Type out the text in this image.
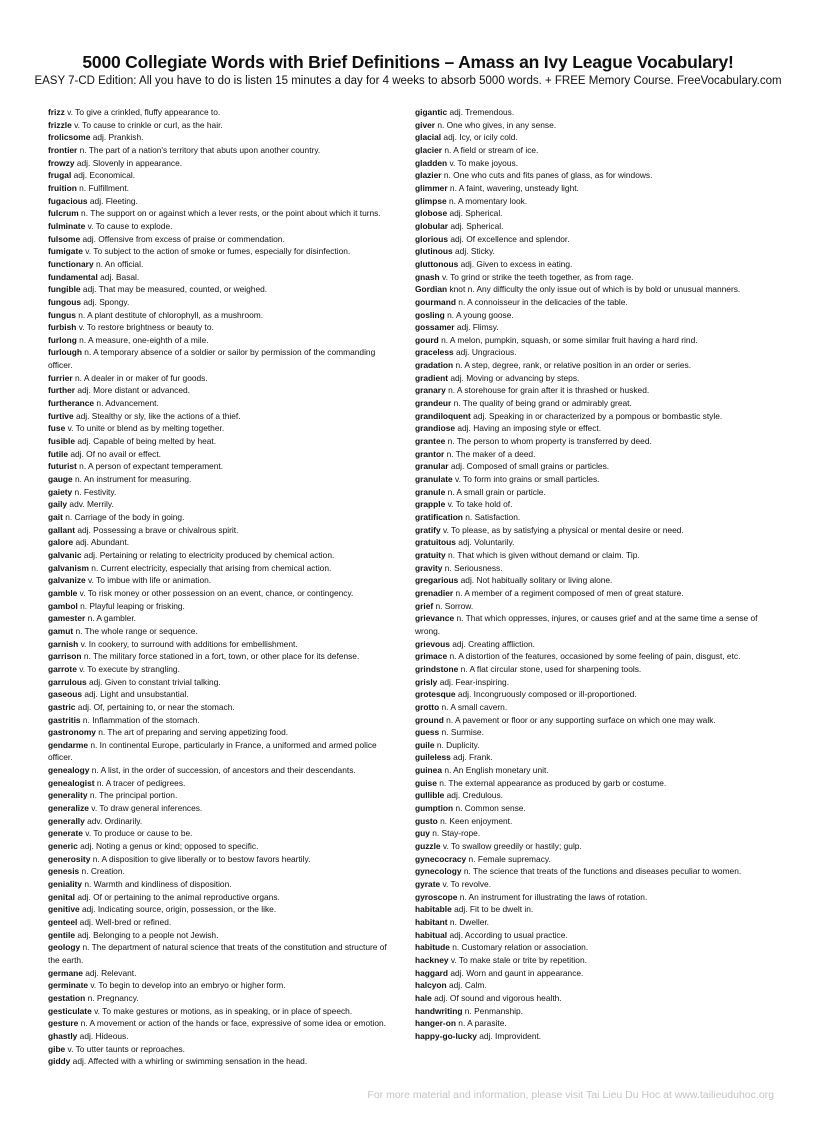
5000 Collegiate Words with Brief Definitions – Amass an Ivy League Vocabulary!
EASY 7-CD Edition: All you have to do is listen 15 minutes a day for 4 weeks to absorb 5000 words. + FREE Memory Course. FreeVocabulary.com
frizz v. To give a crinkled, fluffy appearance to.
frizzle v. To cause to crinkle or curl, as the hair.
frolicsome adj. Prankish.
frontier n. The part of a nation's territory that abuts upon another country.
frowzy adj. Slovenly in appearance.
frugal adj. Economical.
fruition n. Fulfillment.
fugacious adj. Fleeting.
fulcrum n. The support on or against which a lever rests, or the point about which it turns.
fulminate v. To cause to explode.
fulsome adj. Offensive from excess of praise or commendation.
fumigate v. To subject to the action of smoke or fumes, especially for disinfection.
functionary n. An official.
fundamental adj. Basal.
fungible adj. That may be measured, counted, or weighed.
fungous adj. Spongy.
fungus n. A plant destitute of chlorophyll, as a mushroom.
furbish v. To restore brightness or beauty to.
furlong n. A measure, one-eighth of a mile.
furlough n. A temporary absence of a soldier or sailor by permission of the commanding officer.
furrier n. A dealer in or maker of fur goods.
further adj. More distant or advanced.
furtherance n. Advancement.
furtive adj. Stealthy or sly, like the actions of a thief.
fuse v. To unite or blend as by melting together.
fusible adj. Capable of being melted by heat.
futile adj. Of no avail or effect.
futurist n. A person of expectant temperament.
gauge n. An instrument for measuring.
gaiety n. Festivity.
gaily adv. Merrily.
gait n. Carriage of the body in going.
gallant adj. Possessing a brave or chivalrous spirit.
galore adj. Abundant.
galvanic adj. Pertaining or relating to electricity produced by chemical action.
galvanism n. Current electricity, especially that arising from chemical action.
galvanize v. To imbue with life or animation.
gamble v. To risk money or other possession on an event, chance, or contingency.
gambol n. Playful leaping or frisking.
gamester n. A gambler.
gamut n. The whole range or sequence.
garnish v. In cookery, to surround with additions for embellishment.
garrison n. The military force stationed in a fort, town, or other place for its defense.
garrote v. To execute by strangling.
garrulous adj. Given to constant trivial talking.
gaseous adj. Light and unsubstantial.
gastric adj. Of, pertaining to, or near the stomach.
gastritis n. Inflammation of the stomach.
gastronomy n. The art of preparing and serving appetizing food.
gendarme n. In continental Europe, particularly in France, a uniformed and armed police officer.
genealogy n. A list, in the order of succession, of ancestors and their descendants.
genealogist n. A tracer of pedigrees.
generality n. The principal portion.
generalize v. To draw general inferences.
generally adv. Ordinarily.
generate v. To produce or cause to be.
generic adj. Noting a genus or kind; opposed to specific.
generosity n. A disposition to give liberally or to bestow favors heartily.
genesis n. Creation.
geniality n. Warmth and kindliness of disposition.
genital adj. Of or pertaining to the animal reproductive organs.
genitive adj. Indicating source, origin, possession, or the like.
genteel adj. Well-bred or refined.
gentile adj. Belonging to a people not Jewish.
geology n. The department of natural science that treats of the constitution and structure of the earth.
germane adj. Relevant.
germinate v. To begin to develop into an embryo or higher form.
gestation n. Pregnancy.
gesticulate v. To make gestures or motions, as in speaking, or in place of speech.
gesture n. A movement or action of the hands or face, expressive of some idea or emotion.
ghastly adj. Hideous.
gibe v. To utter taunts or reproaches.
giddy adj. Affected with a whirling or swimming sensation in the head.
gigantic adj. Tremendous.
giver n. One who gives, in any sense.
glacial adj. Icy, or icily cold.
glacier n. A field or stream of ice.
gladden v. To make joyous.
glazier n. One who cuts and fits panes of glass, as for windows.
glimmer n. A faint, wavering, unsteady light.
glimpse n. A momentary look.
globose adj. Spherical.
globular adj. Spherical.
glorious adj. Of excellence and splendor.
glutinous adj. Sticky.
gluttonous adj. Given to excess in eating.
gnash v. To grind or strike the teeth together, as from rage.
Gordian knot n. Any difficulty the only issue out of which is by bold or unusual manners.
gourmand n. A connoisseur in the delicacies of the table.
gosling n. A young goose.
gossamer adj. Flimsy.
gourd n. A melon, pumpkin, squash, or some similar fruit having a hard rind.
graceless adj. Ungracious.
gradation n. A step, degree, rank, or relative position in an order or series.
gradient adj. Moving or advancing by steps.
granary n. A storehouse for grain after it is thrashed or husked.
grandeur n. The quality of being grand or admirably great.
grandiloquent adj. Speaking in or characterized by a pompous or bombastic style.
grandiose adj. Having an imposing style or effect.
grantee n. The person to whom property is transferred by deed.
grantor n. The maker of a deed.
granular adj. Composed of small grains or particles.
granulate v. To form into grains or small particles.
granule n. A small grain or particle.
grapple v. To take hold of.
gratification n. Satisfaction.
gratify v. To please, as by satisfying a physical or mental desire or need.
gratuitous adj. Voluntarily.
gratuity n. That which is given without demand or claim. Tip.
gravity n. Seriousness.
gregarious adj. Not habitually solitary or living alone.
grenadier n. A member of a regiment composed of men of great stature.
grief n. Sorrow.
grievance n. That which oppresses, injures, or causes grief and at the same time a sense of wrong.
grievous adj. Creating affliction.
grimace n. A distortion of the features, occasioned by some feeling of pain, disgust, etc.
grindstone n. A flat circular stone, used for sharpening tools.
grisly adj. Fear-inspiring.
grotesque adj. Incongruously composed or ill-proportioned.
grotto n. A small cavern.
ground n. A pavement or floor or any supporting surface on which one may walk.
guess n. Surmise.
guile n. Duplicity.
guileless adj. Frank.
guinea n. An English monetary unit.
guise n. The external appearance as produced by garb or costume.
gullible adj. Credulous.
gumption n. Common sense.
gusto n. Keen enjoyment.
guy n. Stay-rope.
guzzle v. To swallow greedily or hastily; gulp.
gynecocracy n. Female supremacy.
gynecology n. The science that treats of the functions and diseases peculiar to women.
gyrate v. To revolve.
gyroscope n. An instrument for illustrating the laws of rotation.
habitable adj. Fit to be dwelt in.
habitant n. Dweller.
habitual adj. According to usual practice.
habitude n. Customary relation or association.
hackney v. To make stale or trite by repetition.
haggard adj. Worn and gaunt in appearance.
halcyon adj. Calm.
hale adj. Of sound and vigorous health.
handwriting n. Penmanship.
hanger-on n. A parasite.
happy-go-lucky adj. Improvident.
For more material and information, please visit Tai Lieu Du Hoc at www.tailieuduhoc.org
